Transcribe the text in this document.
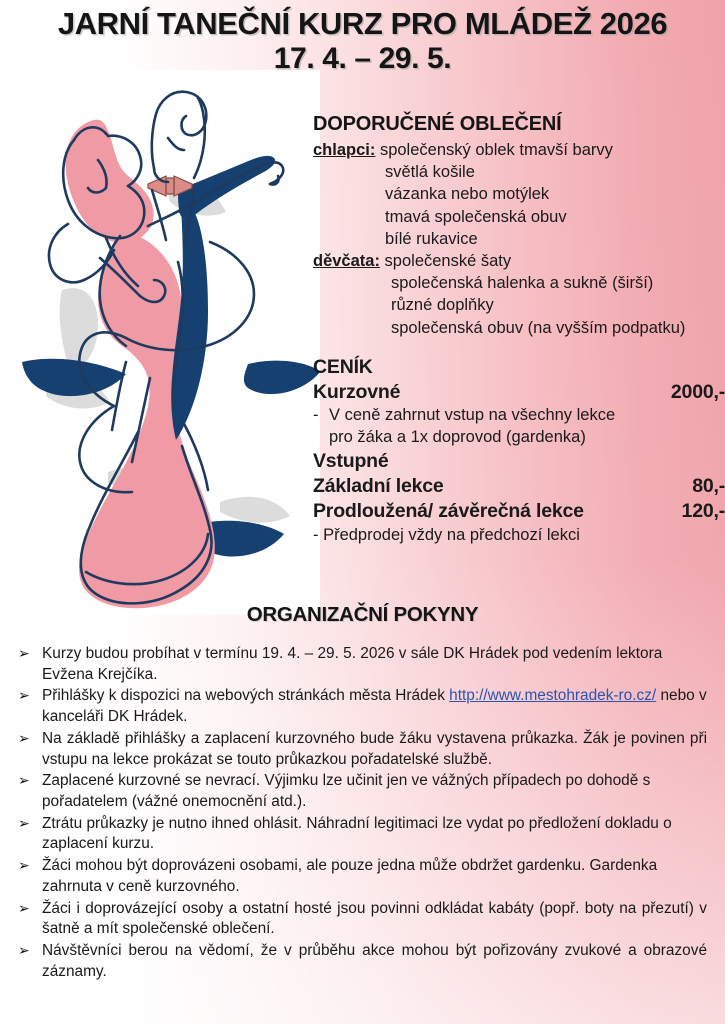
JARNÍ TANEČNÍ KURZ PRO MLÁDEŽ 2026
17. 4. – 29. 5.
DOPORUČENÉ OBLEČENÍ
chlapci: společenský oblek tmavší barvy
světlá košile
vázanka nebo motýlek
tmavá společenská obuv
bílé rukavice
děvčata: společenské šaty
společenská halenka a sukně (širší)
různé doplňky
společenská obuv (na vyšším podpatku)
CENÍK
Kurzovné	2000,-
- V ceně zahrnut vstup na všechny lekce
pro žáka a 1x doprovod (gardenka)
Vstupné
Základní lekce	80,-
Prodloužená/ závěrečná lekce	120,-
- Předprodej vždy na předchozí lekci
ORGANIZAČNÍ POKYNY
➢ Kurzy budou probíhat v termínu 19. 4. – 29. 5. 2026 v sále DK Hrádek pod vedením lektora Evžena Krejčíka.
➢ Přihlášky k dispozici na webových stránkách města Hrádek http://www.mestohradek-ro.cz/ nebo v kanceláři DK Hrádek.
➢ Na základě přihlášky a zaplacení kurzovného bude žáku vystavena průkazka. Žák je povinen při vstupu na lekce prokázat se touto průkazkou pořadatelské službě.
➢ Zaplacené kurzovné se nevrací. Výjimku lze učinit jen ve vážných případech po dohodě s pořadatelem (vážné onemocnění atd.).
➢ Ztrátu průkazky je nutno ihned ohlásit. Náhradní legitimaci lze vydat po předložení dokladu o zaplacení kurzu.
➢ Žáci mohou být doprovázeni osobami, ale pouze jedna může obdržet gardenku. Gardenka zahrnuta v ceně kurzovného.
➢ Žáci i doprovázející osoby a ostatní hosté jsou povinni odkládat kabáty (popř. boty na přezutí) v šatně a mít společenské oblečení.
➢ Návštěvníci berou na vědomí, že v průběhu akce mohou být pořizovány zvukové a obrazové záznamy.
